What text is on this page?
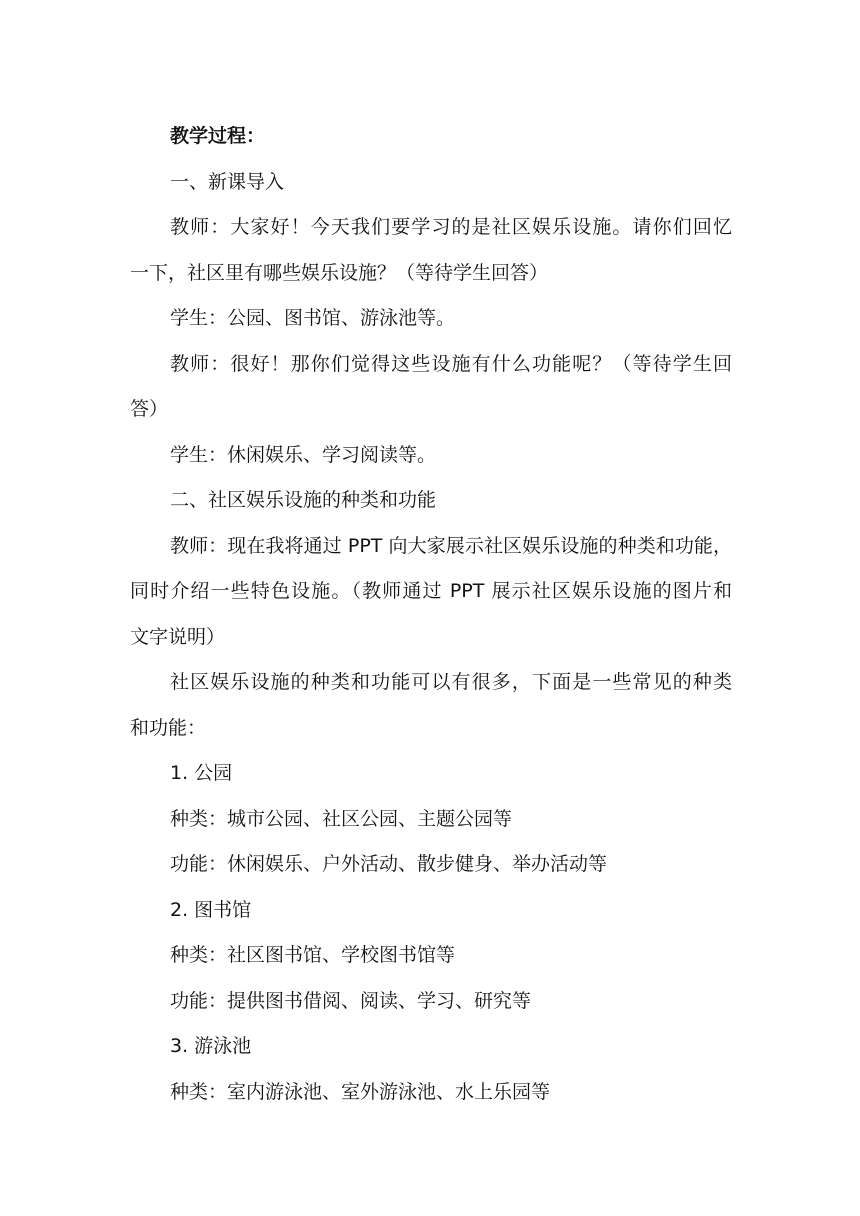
教学过程：
一、新课导入
教师：大家好！今天我们要学习的是社区娱乐设施。请你们回忆
一下，社区里有哪些娱乐设施？（等待学生回答）
学生：公园、图书馆、游泳池等。
教师：很好！那你们觉得这些设施有什么功能呢？（等待学生回
答）
学生：休闲娱乐、学习阅读等。
二、社区娱乐设施的种类和功能
教师：现在我将通过 PPT 向大家展示社区娱乐设施的种类和功能，
同时介绍一些特色设施。（教师通过 PPT 展示社区娱乐设施的图片和
文字说明）
社区娱乐设施的种类和功能可以有很多，下面是一些常见的种类
和功能：
1. 公园
种类：城市公园、社区公园、主题公园等
功能：休闲娱乐、户外活动、散步健身、举办活动等
2. 图书馆
种类：社区图书馆、学校图书馆等
功能：提供图书借阅、阅读、学习、研究等
3. 游泳池
种类：室内游泳池、室外游泳池、水上乐园等
